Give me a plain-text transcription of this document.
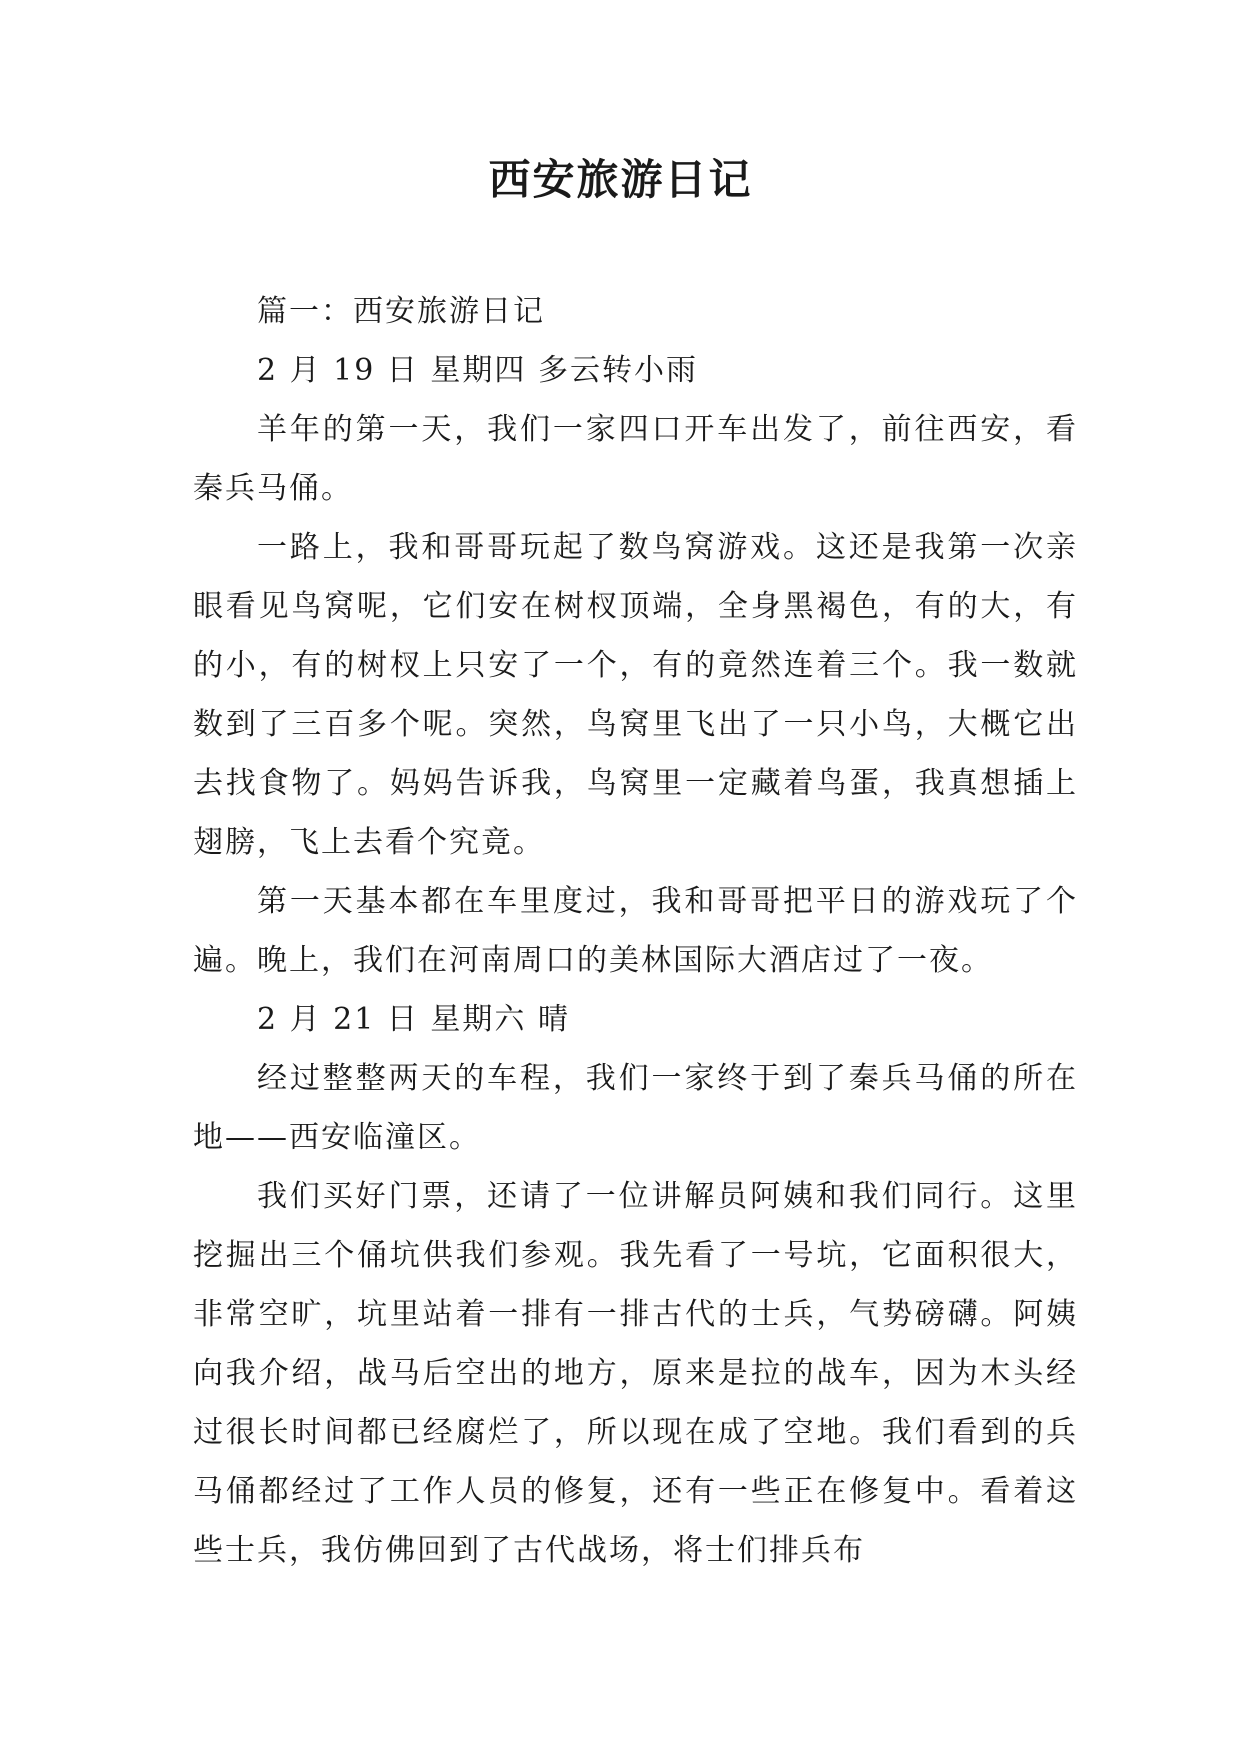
西安旅游日记

篇一：西安旅游日记

2 月 19 日 星期四 多云转小雨

羊年的第一天，我们一家四口开车出发了，前往西安，看秦兵马俑。

一路上，我和哥哥玩起了数鸟窝游戏。这还是我第一次亲眼看见鸟窝呢，它们安在树杈顶端，全身黑褐色，有的大，有的小，有的树杈上只安了一个，有的竟然连着三个。我一数就数到了三百多个呢。突然，鸟窝里飞出了一只小鸟，大概它出去找食物了。妈妈告诉我，鸟窝里一定藏着鸟蛋，我真想插上翅膀，飞上去看个究竟。

第一天基本都在车里度过，我和哥哥把平日的游戏玩了个遍。晚上，我们在河南周口的美林国际大酒店过了一夜。

2 月 21 日 星期六 晴

经过整整两天的车程，我们一家终于到了秦兵马俑的所在地——西安临潼区。

我们买好门票，还请了一位讲解员阿姨和我们同行。这里挖掘出三个俑坑供我们参观。我先看了一号坑，它面积很大，非常空旷，坑里站着一排有一排古代的士兵，气势磅礴。阿姨向我介绍，战马后空出的地方，原来是拉的战车，因为木头经过很长时间都已经腐烂了，所以现在成了空地。我们看到的兵马俑都经过了工作人员的修复，还有一些正在修复中。看着这些士兵，我仿佛回到了古代战场，将士们排兵布
